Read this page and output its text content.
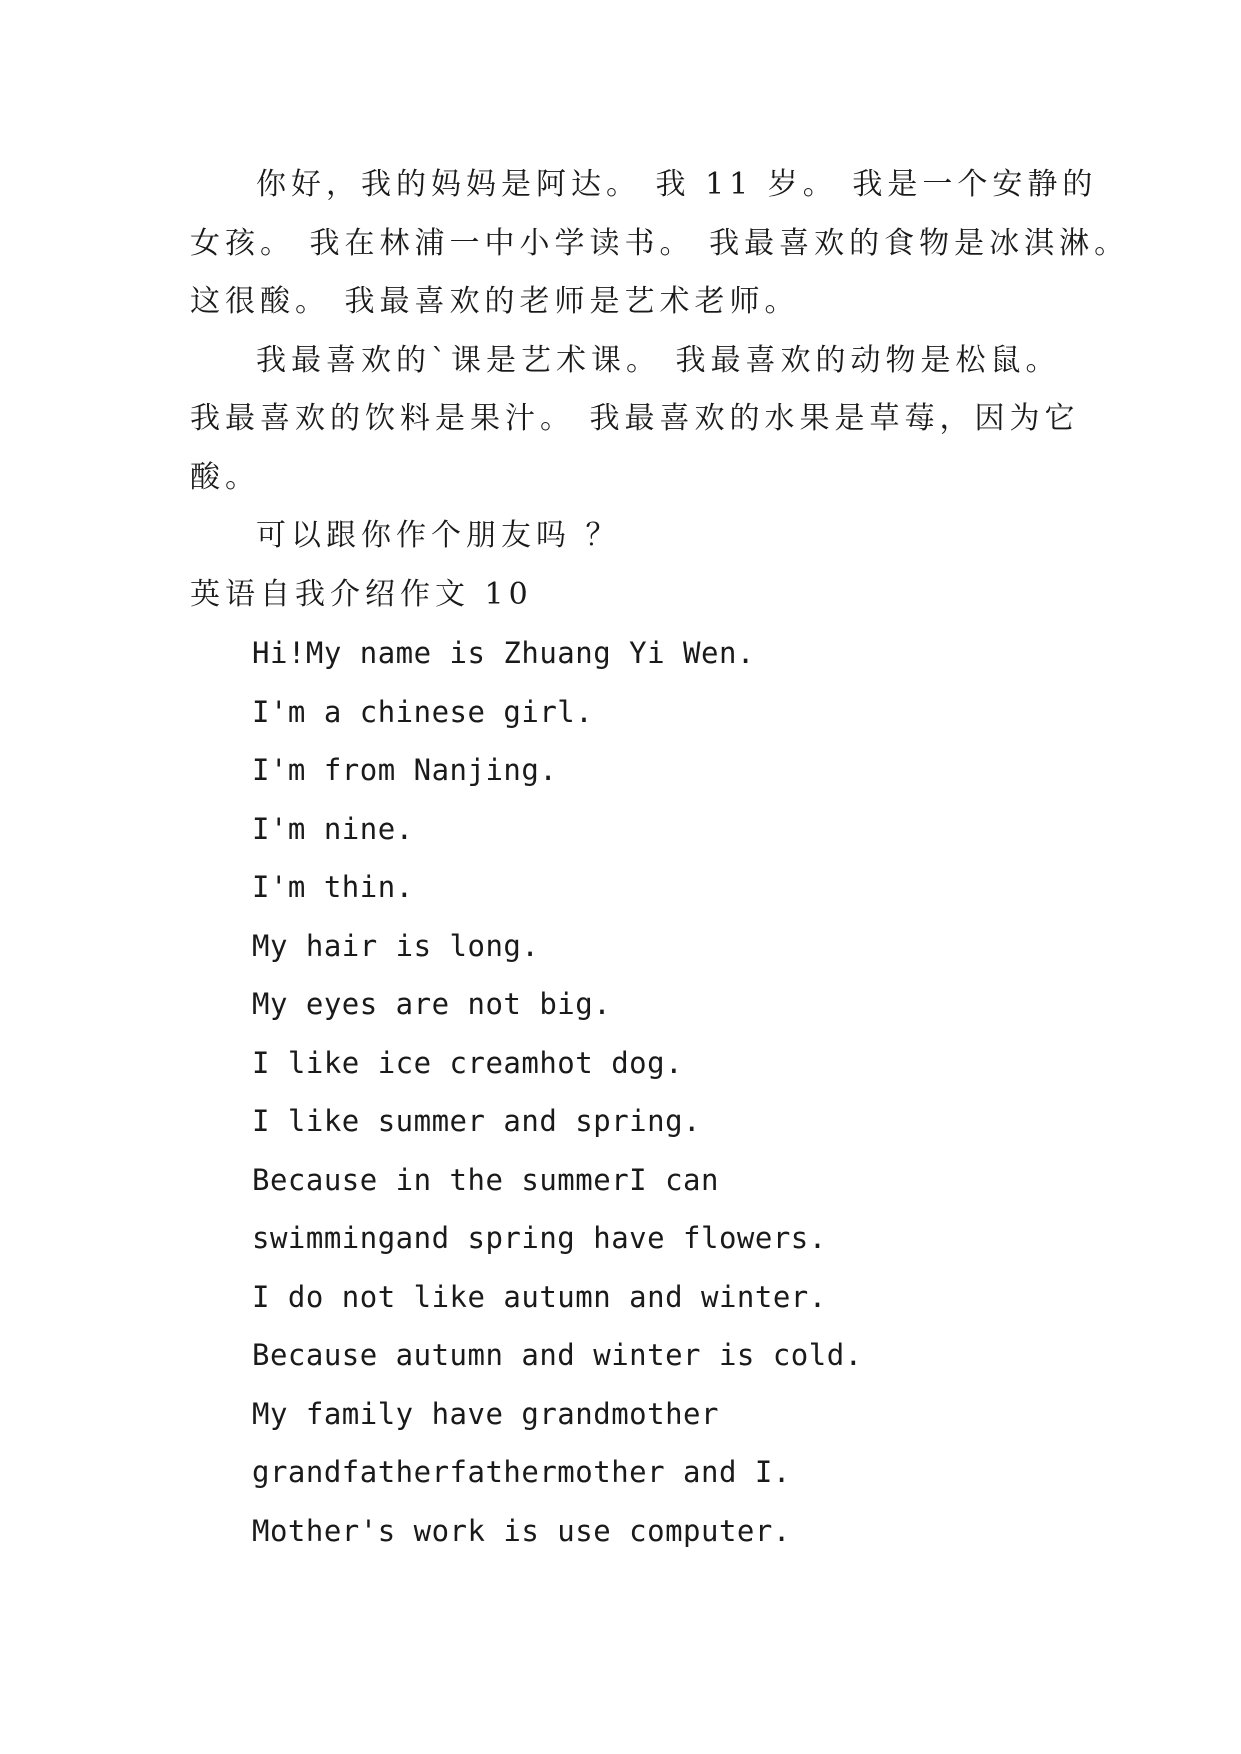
你好，我的妈妈是阿达。 我 11 岁。 我是一个安静的
女孩。 我在林浦一中小学读书。 我最喜欢的食物是冰淇淋。
这很酸。 我最喜欢的老师是艺术老师。
我最喜欢的`课是艺术课。 我最喜欢的动物是松鼠。
我最喜欢的饮料是果汁。 我最喜欢的水果是草莓，因为它
酸。
可以跟你作个朋友吗 ？
英语自我介绍作文 10
Hi!My name is Zhuang Yi Wen.
I'm a chinese girl.
I'm from Nanjing.
I'm nine.
I'm thin.
My hair is long.
My eyes are not big.
I like ice creamhot dog.
I like summer and spring.
Because in the summerI can
swimmingand spring have flowers.
I do not like autumn and winter.
Because autumn and winter is cold.
My family have grandmother
grandfatherfathermother and I.
Mother's work is use computer.
